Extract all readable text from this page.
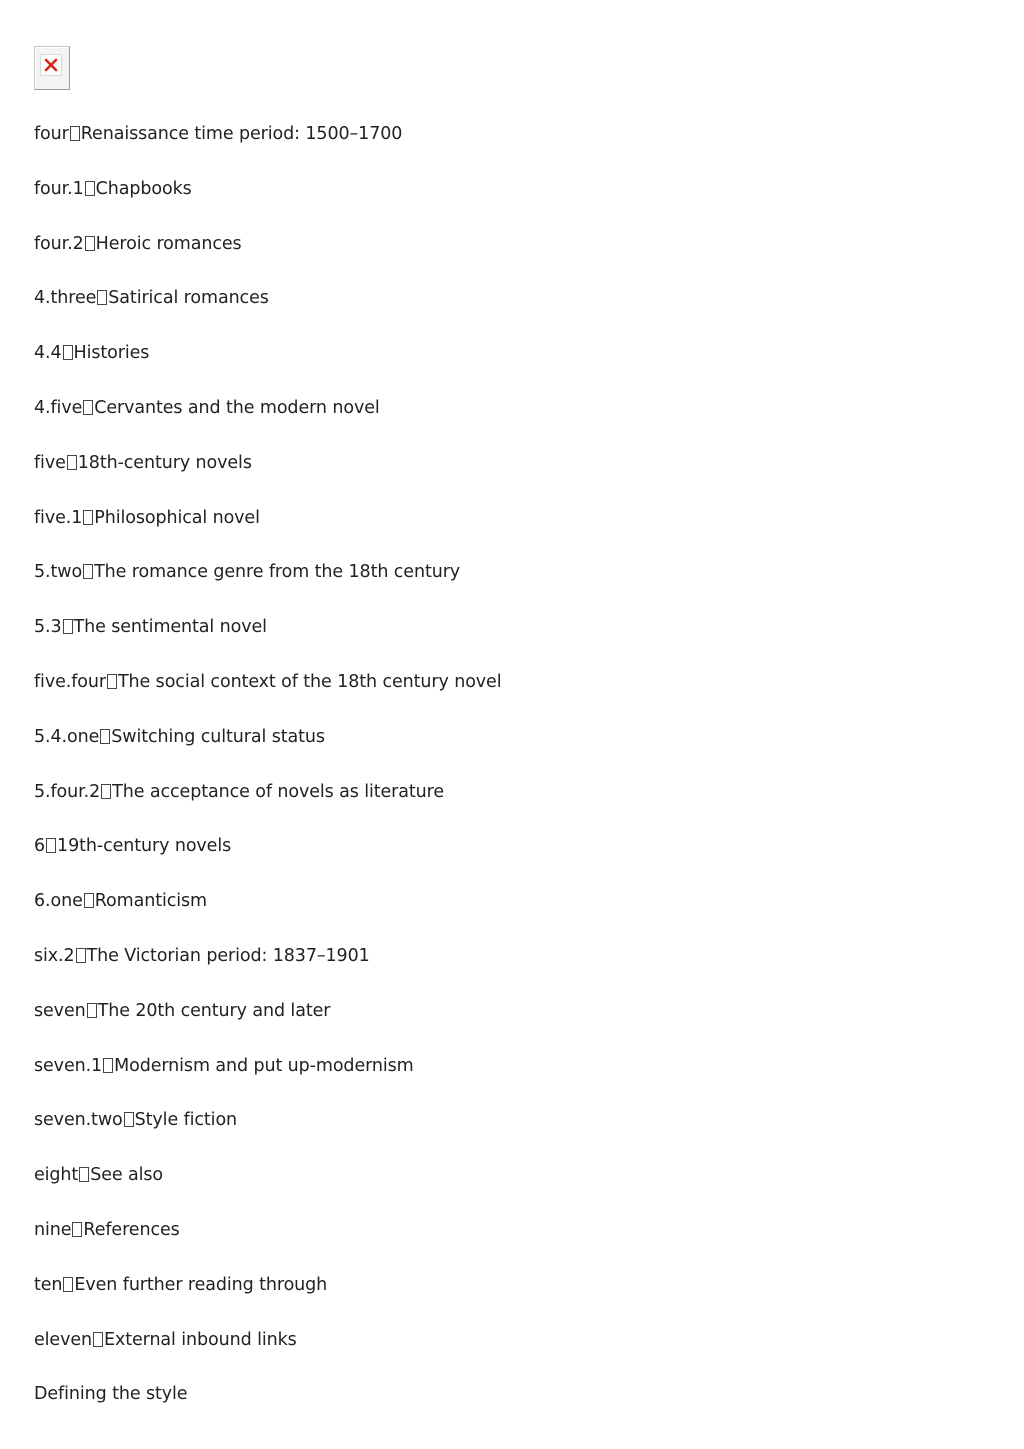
four Renaissance time period: 1500–1700
four.1 Chapbooks
four.2 Heroic romances
4.three Satirical romances
4.4 Histories
4.five Cervantes and the modern novel
five 18th-century novels
five.1 Philosophical novel
5.two The romance genre from the 18th century
5.3 The sentimental novel
five.four The social context of the 18th century novel
5.4.one Switching cultural status
5.four.2 The acceptance of novels as literature
6 19th-century novels
6.one Romanticism
six.2 The Victorian period: 1837–1901
seven The 20th century and later
seven.1 Modernism and put up-modernism
seven.two Style fiction
eight See also
nine References
ten Even further reading through
eleven External inbound links
Defining the style
